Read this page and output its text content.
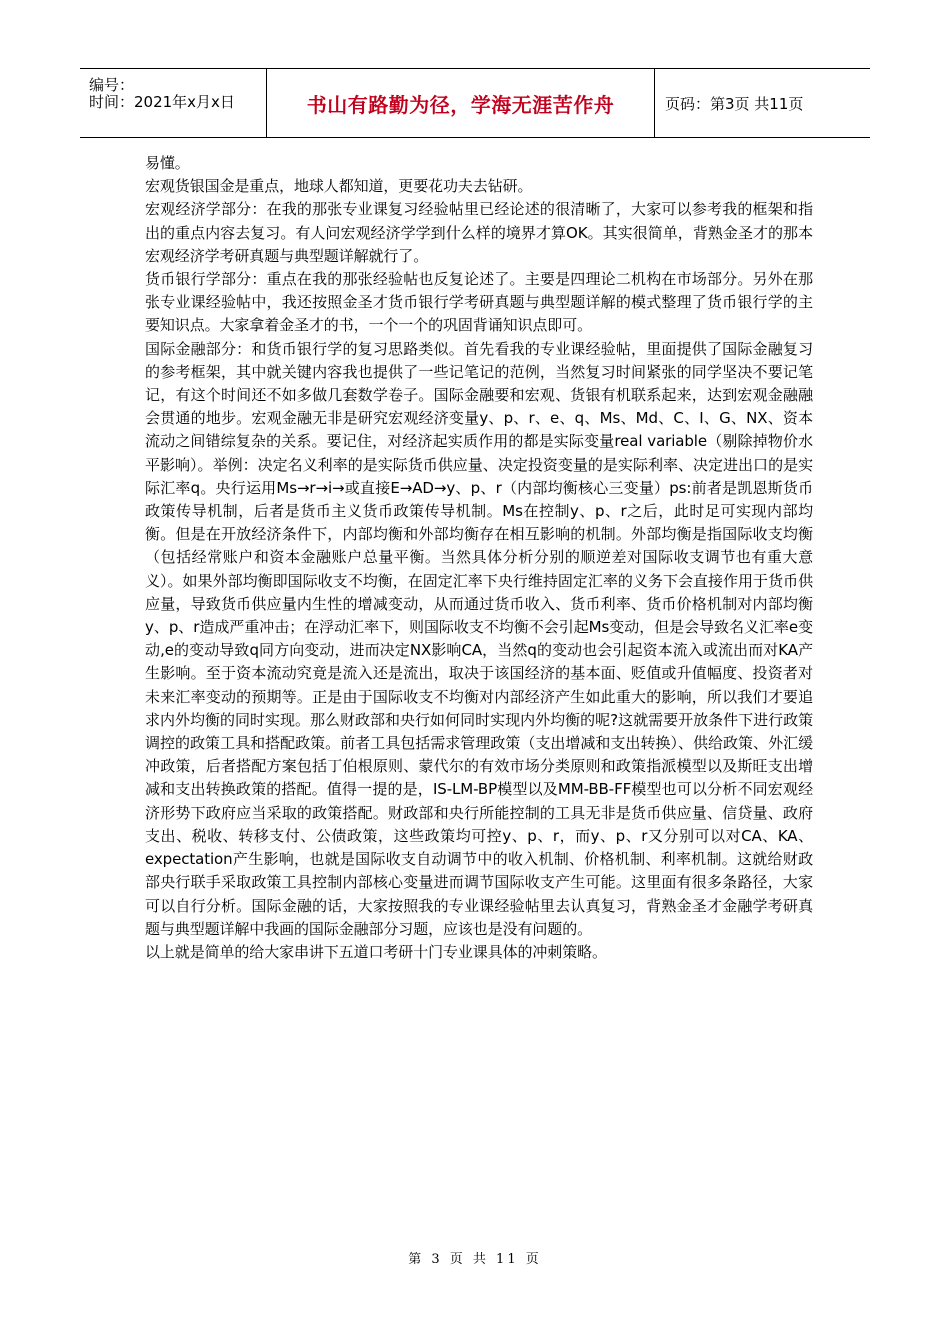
编号：
时间：2021年x月x日	书山有路勤为径，学海无涯苦作舟	页码：第3页 共11页

易懂。

宏观货银国金是重点，地球人都知道，更要花功夫去钻研。

宏观经济学部分：在我的那张专业课复习经验帖里已经论述的很清晰了，大家可以参考我的框架和指出的重点内容去复习。有人问宏观经济学学到什么样的境界才算OK。其实很简单，背熟金圣才的那本宏观经济学考研真题与典型题详解就行了。

货币银行学部分：重点在我的那张经验帖也反复论述了。主要是四理论二机构在市场部分。另外在那张专业课经验帖中，我还按照金圣才货币银行学考研真题与典型题详解的模式整理了货币银行学的主要知识点。大家拿着金圣才的书，一个一个的巩固背诵知识点即可。

国际金融部分：和货币银行学的复习思路类似。首先看我的专业课经验帖，里面提供了国际金融复习的参考框架，其中就关键内容我也提供了一些记笔记的范例，当然复习时间紧张的同学坚决不要记笔记，有这个时间还不如多做几套数学卷子。国际金融要和宏观、货银有机联系起来，达到宏观金融融会贯通的地步。宏观金融无非是研究宏观经济变量y、p、r、e、q、Ms、Md、C、I、G、NX、资本流动之间错综复杂的关系。要记住，对经济起实质作用的都是实际变量real variable（剔除掉物价水平影响）。举例：决定名义利率的是实际货币供应量、决定投资变量的是实际利率、决定进出口的是实际汇率q。央行运用Ms→r→i→或直接E→AD→y、p、r（内部均衡核心三变量）ps:前者是凯恩斯货币政策传导机制，后者是货币主义货币政策传导机制。Ms在控制y、p、r之后，此时足可实现内部均衡。但是在开放经济条件下，内部均衡和外部均衡存在相互影响的机制。外部均衡是指国际收支均衡（包括经常账户和资本金融账户总量平衡。当然具体分析分别的顺逆差对国际收支调节也有重大意义）。如果外部均衡即国际收支不均衡，在固定汇率下央行维持固定汇率的义务下会直接作用于货币供应量，导致货币供应量内生性的增减变动，从而通过货币收入、货币利率、货币价格机制对内部均衡y、p、r造成严重冲击；在浮动汇率下，则国际收支不均衡不会引起Ms变动，但是会导致名义汇率e变动,e的变动导致q同方向变动，进而决定NX影响CA，当然q的变动也会引起资本流入或流出而对KA产生影响。至于资本流动究竟是流入还是流出，取决于该国经济的基本面、贬值或升值幅度、投资者对未来汇率变动的预期等。正是由于国际收支不均衡对内部经济产生如此重大的影响，所以我们才要追求内外均衡的同时实现。那么财政部和央行如何同时实现内外均衡的呢?这就需要开放条件下进行政策调控的政策工具和搭配政策。前者工具包括需求管理政策（支出增减和支出转换）、供给政策、外汇缓冲政策，后者搭配方案包括丁伯根原则、蒙代尔的有效市场分类原则和政策指派模型以及斯旺支出增减和支出转换政策的搭配。值得一提的是，IS-LM-BP模型以及MM-BB-FF模型也可以分析不同宏观经济形势下政府应当采取的政策搭配。财政部和央行所能控制的工具无非是货币供应量、信贷量、政府支出、税收、转移支付、公债政策，这些政策均可控y、p、r，而y、p、r又分别可以对CA、KA、expectation产生影响，也就是国际收支自动调节中的收入机制、价格机制、利率机制。这就给财政部央行联手采取政策工具控制内部核心变量进而调节国际收支产生可能。这里面有很多条路径，大家可以自行分析。国际金融的话，大家按照我的专业课经验帖里去认真复习，背熟金圣才金融学考研真题与典型题详解中我画的国际金融部分习题，应该也是没有问题的。

以上就是简单的给大家串讲下五道口考研十门专业课具体的冲刺策略。

第 3 页 共 11 页
